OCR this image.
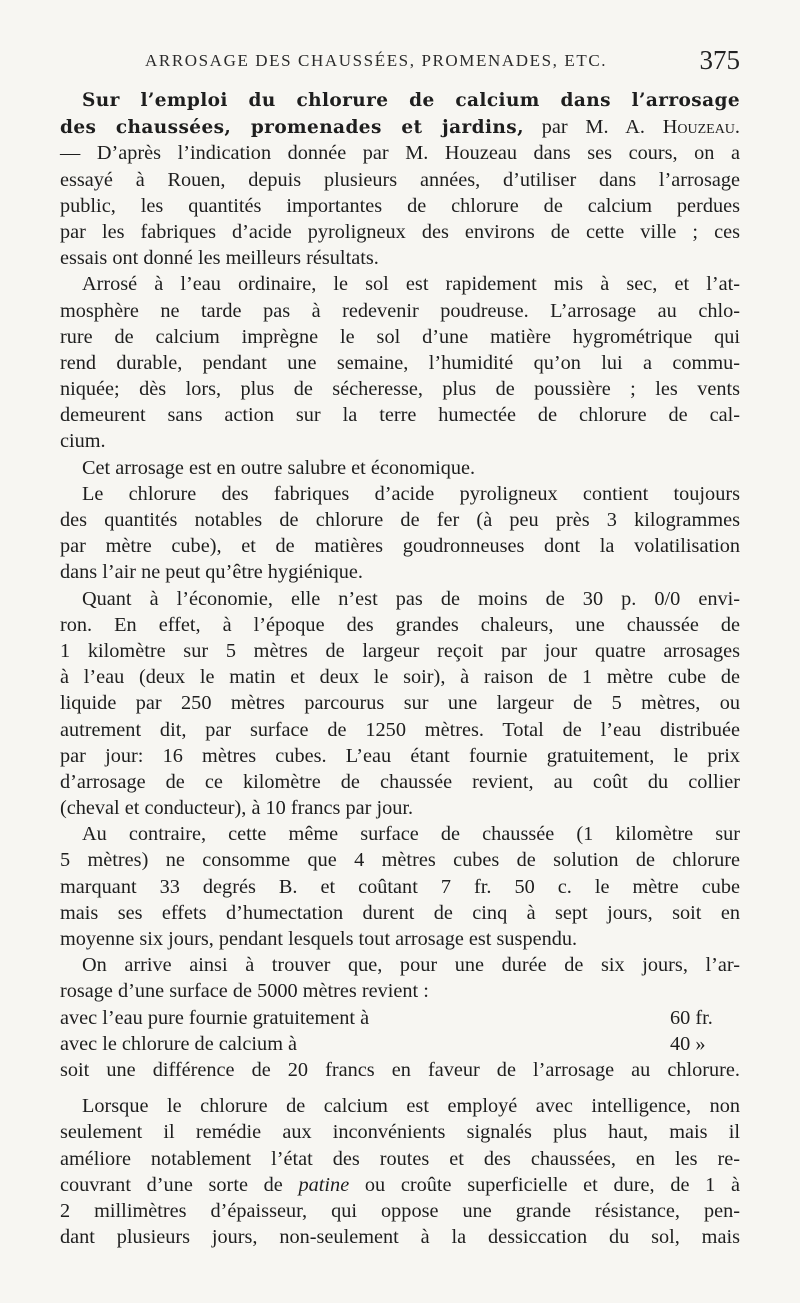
ARROSAGE DES CHAUSSÉES, PROMENADES, ETC.	375
Sur l’emploi du chlorure de calcium dans l’arrosage
des chaussées, promenades et jardins, par M. A. Houzeau.
— D’après l’indication donnée par M. Houzeau dans ses cours, on a
essayé à Rouen, depuis plusieurs années, d’utiliser dans l’arrosage
public, les quantités importantes de chlorure de calcium perdues
par les fabriques d’acide pyroligneux des environs de cette ville ; ces
essais ont donné les meilleurs résultats.
Arrosé à l’eau ordinaire, le sol est rapidement mis à sec, et l’at-
mosphère ne tarde pas à redevenir poudreuse. L’arrosage au chlo-
rure de calcium imprègne le sol d’une matière hygrométrique qui
rend durable, pendant une semaine, l’humidité qu’on lui a commu-
niquée; dès lors, plus de sécheresse, plus de poussière ; les vents
demeurent sans action sur la terre humectée de chlorure de cal-
cium.
Cet arrosage est en outre salubre et économique.
Le chlorure des fabriques d’acide pyroligneux contient toujours
des quantités notables de chlorure de fer (à peu près 3 kilogrammes
par mètre cube), et de matières goudronneuses dont la volatilisation
dans l’air ne peut qu’être hygiénique.
Quant à l’économie, elle n’est pas de moins de 30 p. 0/0 envi-
ron. En effet, à l’époque des grandes chaleurs, une chaussée de
1 kilomètre sur 5 mètres de largeur reçoit par jour quatre arrosages
à l’eau (deux le matin et deux le soir), à raison de 1 mètre cube de
liquide par 250 mètres parcourus sur une largeur de 5 mètres, ou
autrement dit, par surface de 1250 mètres. Total de l’eau distribuée
par jour: 16 mètres cubes. L’eau étant fournie gratuitement, le prix
d’arrosage de ce kilomètre de chaussée revient, au coût du collier
(cheval et conducteur), à 10 francs par jour.
Au contraire, cette même surface de chaussée (1 kilomètre sur
5 mètres) ne consomme que 4 mètres cubes de solution de chlorure
marquant 33 degrés B. et coûtant 7 fr. 50 c. le mètre cube
mais ses effets d’humectation durent de cinq à sept jours, soit en
moyenne six jours, pendant lesquels tout arrosage est suspendu.
On arrive ainsi à trouver que, pour une durée de six jours, l’ar-
rosage d’une surface de 5000 mètres revient :
avec l’eau pure fournie gratuitement à	60 fr.
avec le chlorure de calcium à	40 »
soit une différence de 20 francs en faveur de l’arrosage au chlorure.
Lorsque le chlorure de calcium est employé avec intelligence, non
seulement il remédie aux inconvénients signalés plus haut, mais il
améliore notablement l’état des routes et des chaussées, en les re-
couvrant d’une sorte de patine ou croûte superficielle et dure, de 1 à
2 millimètres d’épaisseur, qui oppose une grande résistance, pen-
dant plusieurs jours, non-seulement à la dessiccation du sol, mais
